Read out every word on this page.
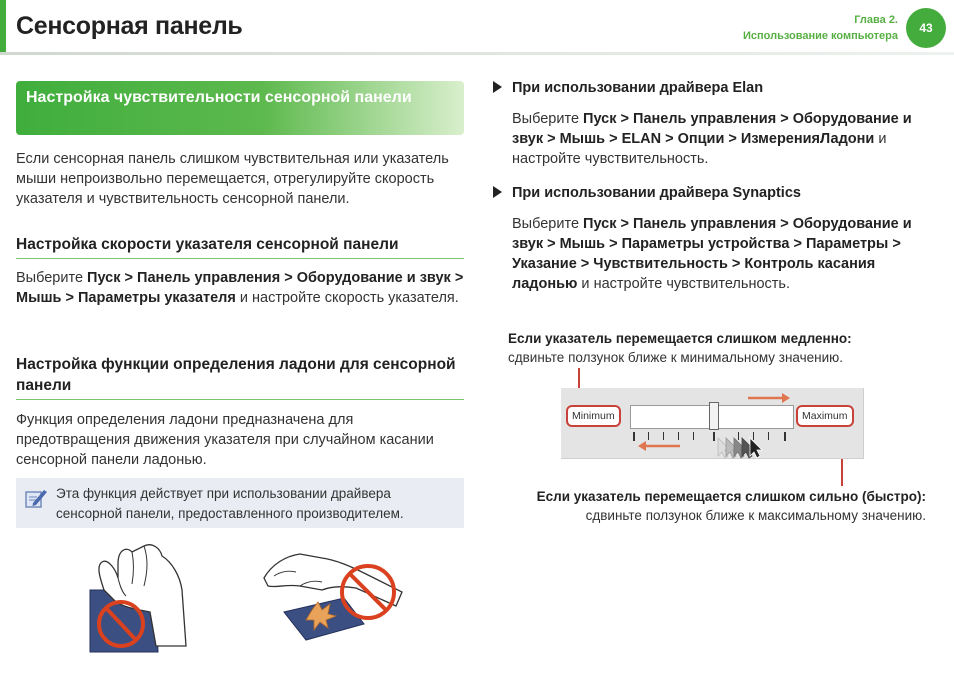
Сенсорная панель	Глава 2.
Использование компьютера
43
Настройка чувствительности сенсорной панели
Если сенсорная панель слишком чувствительная или указатель мыши непроизвольно перемещается, отрегулируйте скорость указателя и чувствительность сенсорной панели.
Настройка скорости указателя сенсорной панели
Выберите Пуск > Панель управления > Оборудование и звук > Мышь > Параметры указателя и настройте скорость указателя.
Настройка функции определения ладони для сенсорной панели
Функция определения ладони предназначена для предотвращения движения указателя при случайном касании сенсорной панели ладонью.
Эта функция действует при использовании драйвера сенсорной панели, предоставленного производителем.
При использовании драйвера Elan
Выберите Пуск > Панель управления > Оборудование и звук > Мышь > ELAN > Опции > ИзмеренияЛадони и настройте чувствительность.
При использовании драйвера Synaptics
Выберите Пуск > Панель управления > Оборудование и звук > Мышь > Параметры устройства > Параметры > Указание > Чувствительность > Контроль касания ладонью и настройте чувствительность.
Если указатель перемещается слишком медленно:
сдвиньте ползунок ближе к минимальному значению.
Minimum	Maximum
Если указатель перемещается слишком сильно (быстро):
сдвиньте ползунок ближе к максимальному значению.
